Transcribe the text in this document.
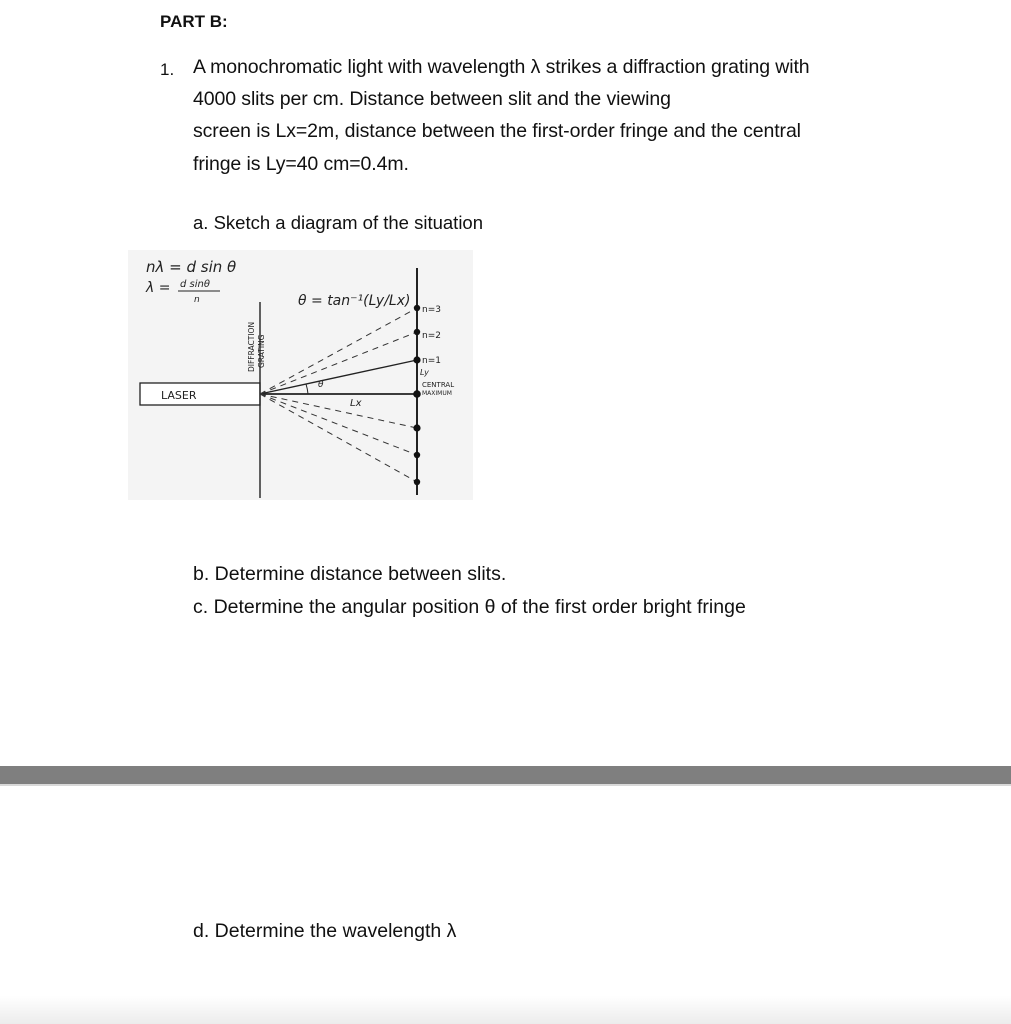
PART B:
1. A monochromatic light with wavelength λ strikes a diffraction grating with
4000 slits per cm. Distance between slit and the viewing
screen is Lx=2m, distance between the first-order fringe and the central
fringe is Ly=40 cm=0.4m.
a. Sketch a diagram of the situation
nλ = d sin θ
λ = d sinθ
n	θ = tan⁻¹(Ly/Lx)
LASER
DIFFRACTION GRATING
θ
Lx
n=3
n=2
n=1
Ly
CENTRAL
MAXIMUM
b. Determine distance between slits.
c. Determine the angular position θ of the first order bright fringe
d. Determine the wavelength λ
